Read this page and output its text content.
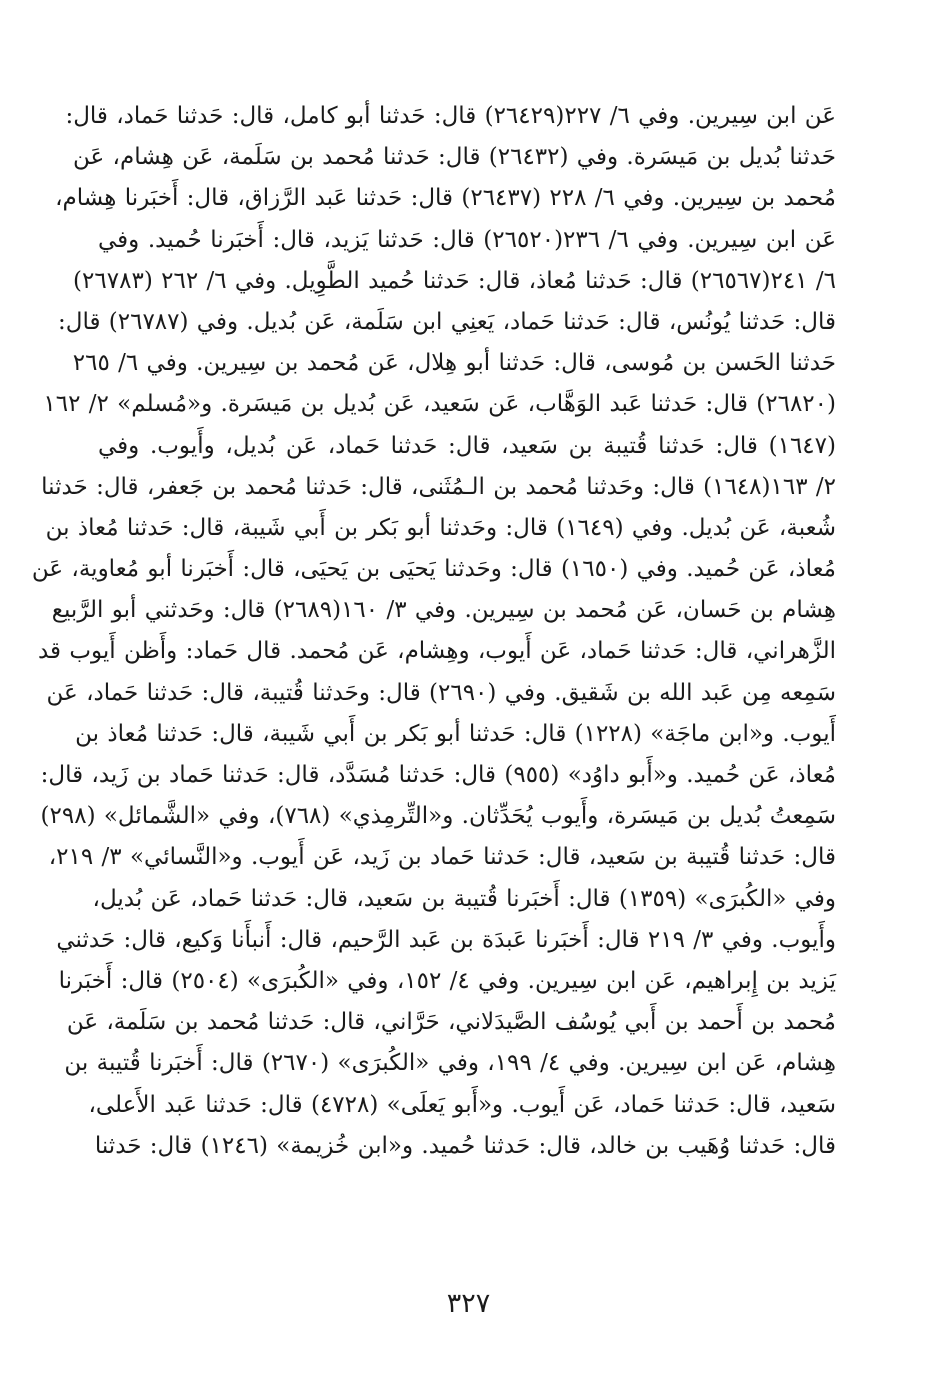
عَن ابن سِيرين. وفي ٦/ ٢٢٧(٢٦٤٢٩) قال: حَدثنا أبو كامل، قال: حَدثنا حَماد، قال:
حَدثنا بُديل بن مَيسَرة. وفي (٢٦٤٣٢) قال: حَدثنا مُحمد بن سَلَمة، عَن هِشام، عَن
مُحمد بن سِيرين. وفي ٦/ ٢٢٨ (٢٦٤٣٧) قال: حَدثنا عَبد الرَّزاق، قال: أَخبَرنا هِشام،
عَن ابن سِيرين. وفي ٦/ ٢٣٦(٢٦٥٢٠) قال: حَدثنا يَزيد، قال: أَخبَرنا حُميد. وفي
٦/ ٢٤١(٢٦٥٦٧) قال: حَدثنا مُعاذ، قال: حَدثنا حُميد الطَّوِيل. وفي ٦/ ٢٦٢ (٢٦٧٨٣)
قال: حَدثنا يُونُس، قال: حَدثنا حَماد، يَعنِي ابن سَلَمة، عَن بُديل. وفي (٢٦٧٨٧) قال:
حَدثنا الحَسن بن مُوسى، قال: حَدثنا أبو هِلال، عَن مُحمد بن سِيرين. وفي ٦/ ٢٦٥
(٢٦٨٢٠) قال: حَدثنا عَبد الوَهَّاب، عَن سَعيد، عَن بُديل بن مَيسَرة. و«مُسلم» ٢/ ١٦٢
(١٦٤٧) قال: حَدثنا قُتيبة بن سَعيد، قال: حَدثنا حَماد، عَن بُديل، وأَيوب. وفي
٢/ ١٦٣(١٦٤٨) قال: وحَدثنا مُحمد بن الـمُثَنى، قال: حَدثنا مُحمد بن جَعفر، قال: حَدثنا
شُعبة، عَن بُديل. وفي (١٦٤٩) قال: وحَدثنا أبو بَكر بن أَبي شَيبة، قال: حَدثنا مُعاذ بن
مُعاذ، عَن حُميد. وفي (١٦٥٠) قال: وحَدثنا يَحيَى بن يَحيَى، قال: أَخبَرنا أبو مُعاوية، عَن
هِشام بن حَسان، عَن مُحمد بن سِيرين. وفي ٣/ ١٦٠(٢٦٨٩) قال: وحَدثني أبو الرَّبيع
الزَّهراني، قال: حَدثنا حَماد، عَن أَيوب، وهِشام، عَن مُحمد. قال حَماد: وأَظن أَيوب قد
سَمِعه مِن عَبد الله بن شَقيق. وفي (٢٦٩٠) قال: وحَدثنا قُتيبة، قال: حَدثنا حَماد، عَن
أَيوب. و«ابن ماجَة» (١٢٢٨) قال: حَدثنا أبو بَكر بن أَبي شَيبة، قال: حَدثنا مُعاذ بن
مُعاذ، عَن حُميد. و«أَبو داوُد» (٩٥٥) قال: حَدثنا مُسَدَّد، قال: حَدثنا حَماد بن زَيد، قال:
سَمِعتُ بُديل بن مَيسَرة، وأَيوب يُحَدِّثان. و«التِّرمِذي» (٧٦٨)، وفي «الشَّمائل» (٢٩٨)
قال: حَدثنا قُتيبة بن سَعيد، قال: حَدثنا حَماد بن زَيد، عَن أَيوب. و«النَّسائي» ٣/ ٢١٩،
وفي «الكُبرَى» (١٣٥٩) قال: أَخبَرنا قُتيبة بن سَعيد، قال: حَدثنا حَماد، عَن بُديل،
وأَيوب. وفي ٣/ ٢١٩ قال: أَخبَرنا عَبدَة بن عَبد الرَّحيم، قال: أَنبأَنا وَكيع، قال: حَدثني
يَزيد بن إِبراهيم، عَن ابن سِيرين. وفي ٤/ ١٥٢، وفي «الكُبرَى» (٢٥٠٤) قال: أَخبَرنا
مُحمد بن أَحمد بن أَبي يُوسُف الصَّيدَلاني، حَرَّاني، قال: حَدثنا مُحمد بن سَلَمة، عَن
هِشام، عَن ابن سِيرين. وفي ٤/ ١٩٩، وفي «الكُبرَى» (٢٦٧٠) قال: أَخبَرنا قُتيبة بن
سَعيد، قال: حَدثنا حَماد، عَن أَيوب. و«أَبو يَعلَى» (٤٧٢٨) قال: حَدثنا عَبد الأَعلى،
قال: حَدثنا وُهَيب بن خالد، قال: حَدثنا حُميد. و«ابن خُزيمة» (١٢٤٦) قال: حَدثنا
٣٢٧
